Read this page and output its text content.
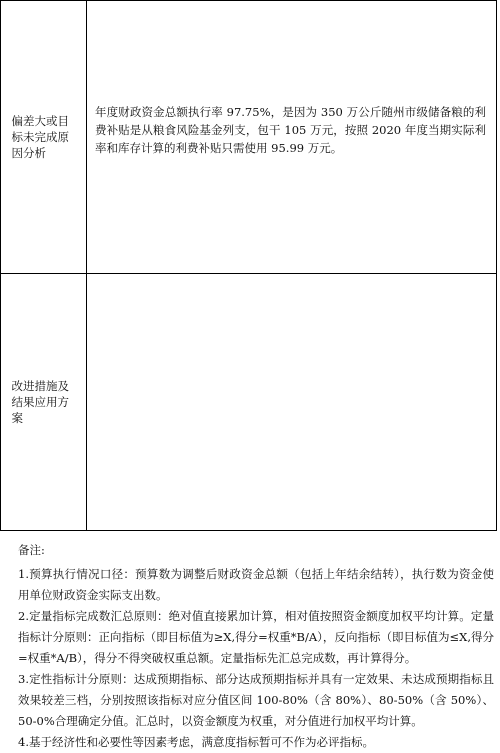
偏差大或目标未完成原因分析
年度财政资金总额执行率 97.75%，是因为 350 万公斤随州市级储备粮的利费补贴是从粮食风险基金列支，包干 105 万元，按照 2020 年度当期实际利率和库存计算的利费补贴只需使用 95.99 万元。
改进措施及结果应用方案

备注:

1.预算执行情况口径：预算数为调整后财政资金总额（包括上年结余结转），执行数为资金使用单位财政资金实际支出数。

2.定量指标完成数汇总原则：绝对值直接累加计算，相对值按照资金额度加权平均计算。定量指标计分原则：正向指标（即目标值为≥X,得分=权重*B/A），反向指标（即目标值为≤X,得分=权重*A/B），得分不得突破权重总额。定量指标先汇总完成数，再计算得分。

3.定性指标计分原则：达成预期指标、部分达成预期指标并具有一定效果、未达成预期指标且效果较差三档，分别按照该指标对应分值区间 100-80%（含 80%）、80-50%（含 50%）、50-0%合理确定分值。汇总时，以资金额度为权重，对分值进行加权平均计算。

4.基于经济性和必要性等因素考虑，满意度指标暂可不作为必评指标。
